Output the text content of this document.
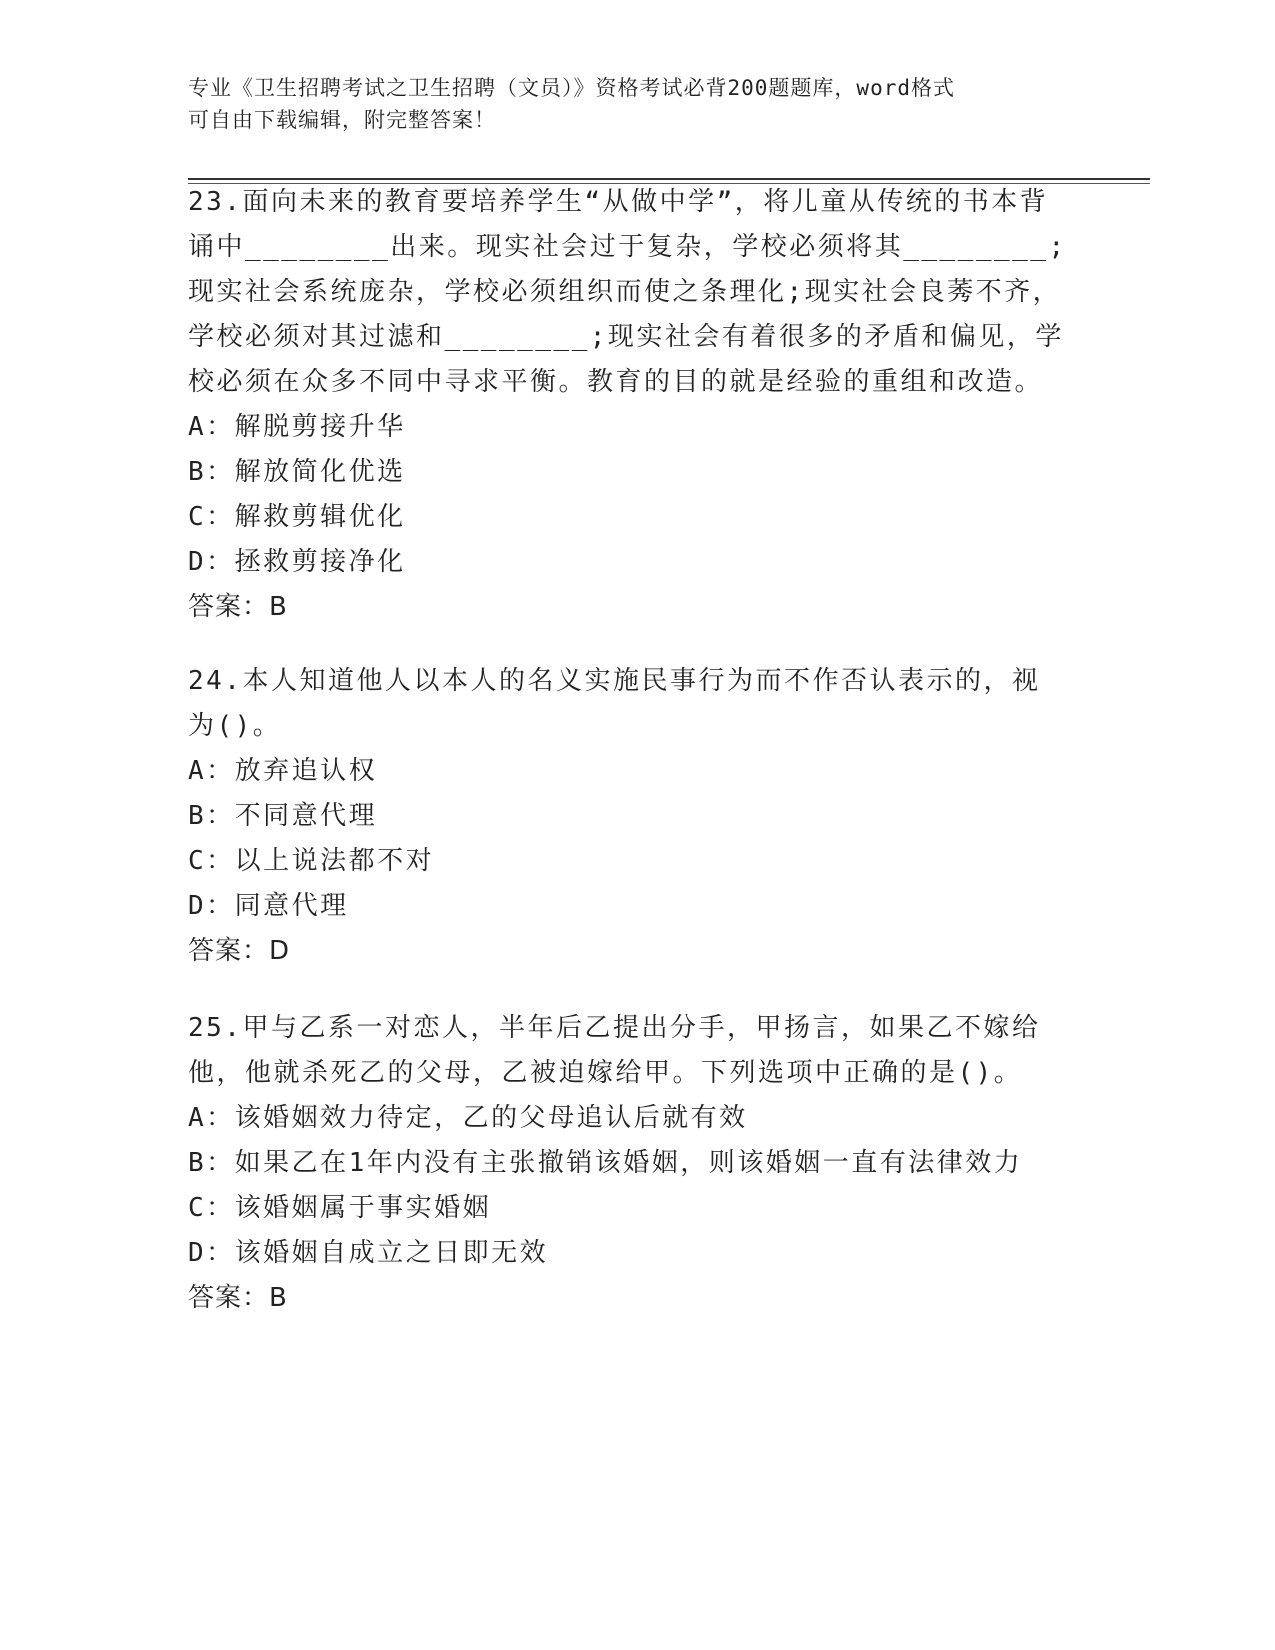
专业《卫生招聘考试之卫生招聘（文员）》资格考试必背200题题库，word格式
可自由下载编辑，附完整答案！

23.面向未来的教育要培养学生“从做中学”，将儿童从传统的书本背诵中________出来。现实社会过于复杂，学校必须将其________;现实社会系统庞杂，学校必须组织而使之条理化;现实社会良莠不齐，学校必须对其过滤和________;现实社会有着很多的矛盾和偏见，学校必须在众多不同中寻求平衡。教育的目的就是经验的重组和改造。

A：解脱剪接升华

B：解放简化优选

C：解救剪辑优化

D：拯救剪接净化

答案：B

24.本人知道他人以本人的名义实施民事行为而不作否认表示的，视为()。

A：放弃追认权

B：不同意代理

C：以上说法都不对

D：同意代理

答案：D

25.甲与乙系一对恋人，半年后乙提出分手，甲扬言，如果乙不嫁给他，他就杀死乙的父母，乙被迫嫁给甲。下列选项中正确的是()。

A：该婚姻效力待定，乙的父母追认后就有效

B：如果乙在1年内没有主张撤销该婚姻，则该婚姻一直有法律效力

C：该婚姻属于事实婚姻

D：该婚姻自成立之日即无效

答案：B
